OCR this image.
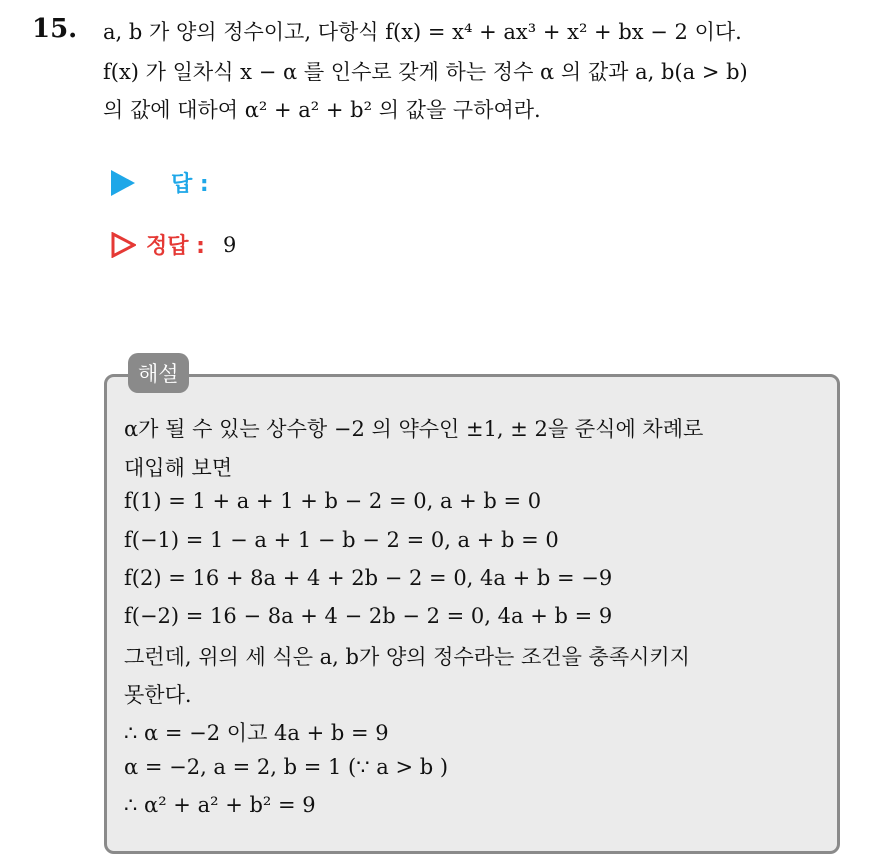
15. a, b 가 양의 정수이고, 다항식 f(x) = x⁴ + ax³ + x² + bx − 2 이다.
f(x) 가 일차식 x − α 를 인수로 갖게 하는 정수 α 의 값과 a, b(a > b)
의 값에 대하여 α² + a² + b² 의 값을 구하여라.
답 :
정답 : 9
해설
α가 될 수 있는 상수항 −2 의 약수인 ±1, ± 2을 준식에 차례로
대입해 보면
f(1) = 1 + a + 1 + b − 2 = 0, a + b = 0
f(−1) = 1 − a + 1 − b − 2 = 0, a + b = 0
f(2) = 16 + 8a + 4 + 2b − 2 = 0, 4a + b = −9
f(−2) = 16 − 8a + 4 − 2b − 2 = 0, 4a + b = 9
그런데, 위의 세 식은 a, b가 양의 정수라는 조건을 충족시키지
못한다.
∴ α = −2 이고 4a + b = 9
α = −2, a = 2, b = 1 (∵ a > b )
∴ α² + a² + b² = 9
